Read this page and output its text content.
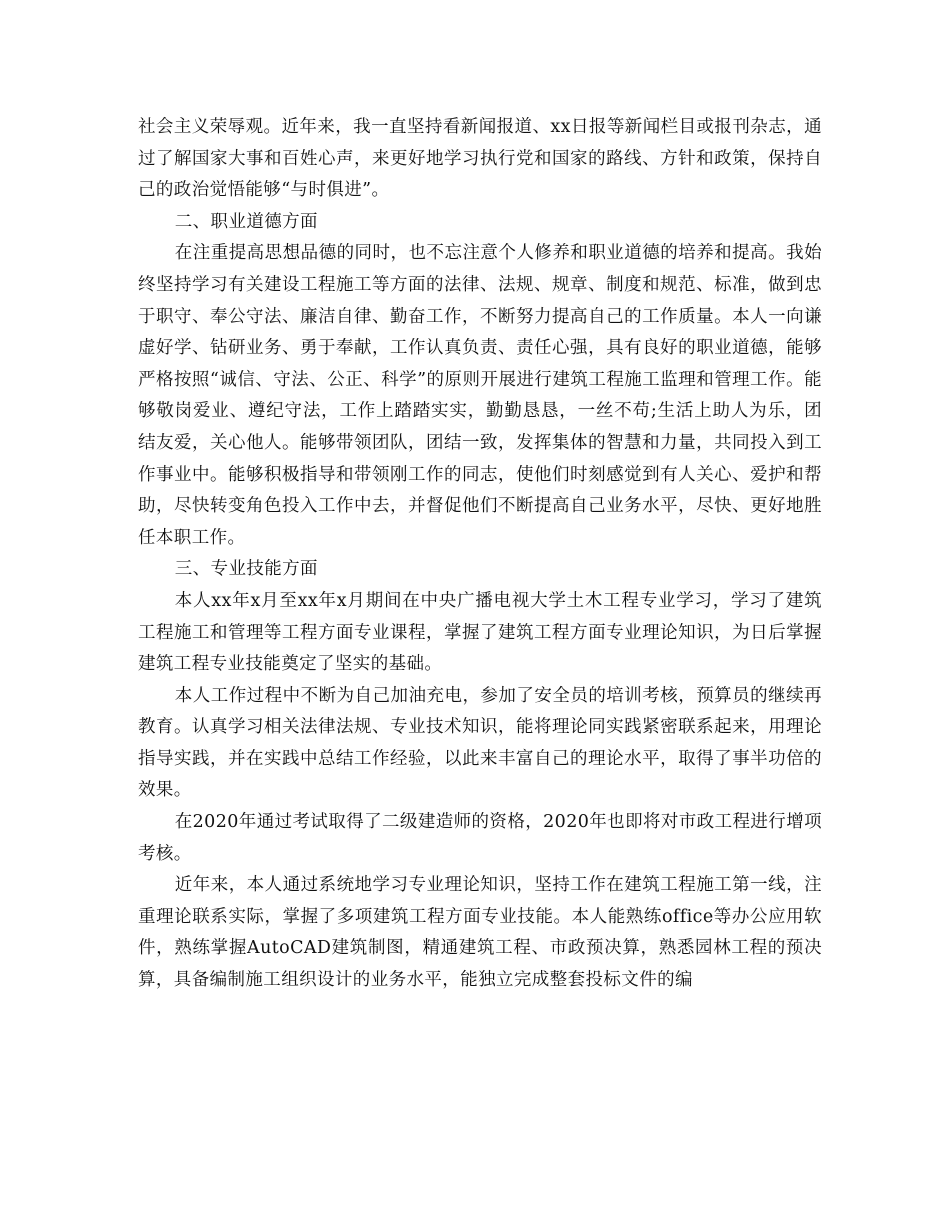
社会主义荣辱观。近年来，我一直坚持看新闻报道、xx日报等新闻栏目或报刊杂志，通过了解国家大事和百姓心声，来更好地学习执行党和国家的路线、方针和政策，保持自己的政治觉悟能够“与时俱进”。

二、职业道德方面

在注重提高思想品德的同时，也不忘注意个人修养和职业道德的培养和提高。我始终坚持学习有关建设工程施工等方面的法律、法规、规章、制度和规范、标准，做到忠于职守、奉公守法、廉洁自律、勤奋工作，不断努力提高自己的工作质量。本人一向谦虚好学、钻研业务、勇于奉献，工作认真负责、责任心强，具有良好的职业道德，能够严格按照“诚信、守法、公正、科学”的原则开展进行建筑工程施工监理和管理工作。能够敬岗爱业、遵纪守法，工作上踏踏实实，勤勤恳恳，一丝不苟;生活上助人为乐，团结友爱，关心他人。能够带领团队，团结一致，发挥集体的智慧和力量，共同投入到工作事业中。能够积极指导和带领刚工作的同志，使他们时刻感觉到有人关心、爱护和帮助，尽快转变角色投入工作中去，并督促他们不断提高自己业务水平，尽快、更好地胜任本职工作。

三、专业技能方面

本人xx年x月至xx年x月期间在中央广播电视大学土木工程专业学习，学习了建筑工程施工和管理等工程方面专业课程，掌握了建筑工程方面专业理论知识，为日后掌握建筑工程专业技能奠定了坚实的基础。

本人工作过程中不断为自己加油充电，参加了安全员的培训考核，预算员的继续再教育。认真学习相关法律法规、专业技术知识，能将理论同实践紧密联系起来，用理论指导实践，并在实践中总结工作经验，以此来丰富自己的理论水平，取得了事半功倍的效果。

在2020年通过考试取得了二级建造师的资格，2020年也即将对市政工程进行增项考核。

近年来，本人通过系统地学习专业理论知识，坚持工作在建筑工程施工第一线，注重理论联系实际，掌握了多项建筑工程方面专业技能。本人能熟练office等办公应用软件，熟练掌握AutoCAD建筑制图，精通建筑工程、市政预决算，熟悉园林工程的预决算，具备编制施工组织设计的业务水平，能独立完成整套投标文件的编
